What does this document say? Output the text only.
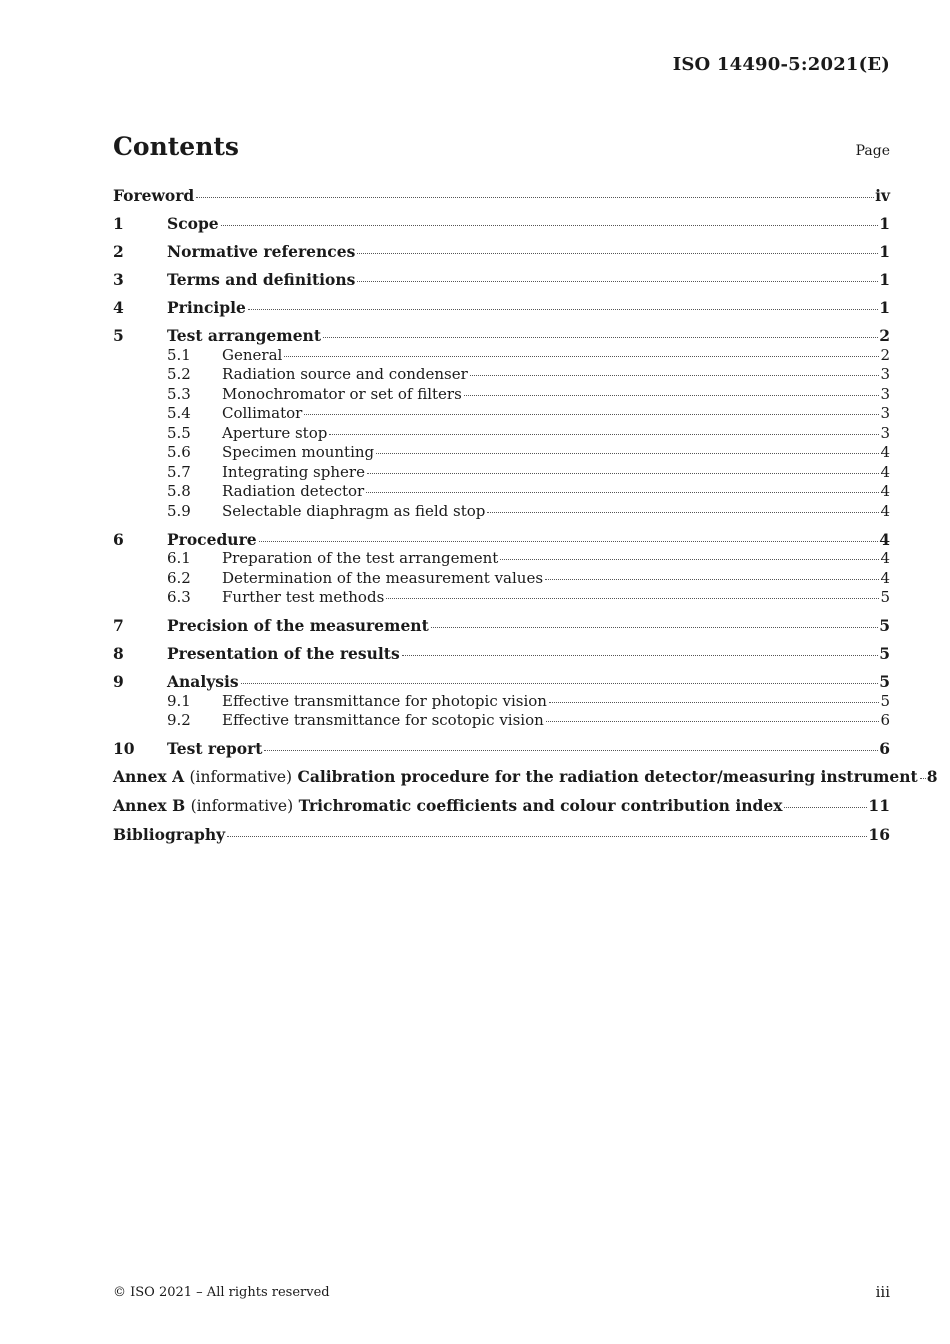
ISO 14490-5:2021(E)
Contents	Page
Foreword	iv
1	Scope	1
2	Normative references	1
3	Terms and definitions	1
4	Principle	1
5	Test arrangement	2
5.1	General	2
5.2	Radiation source and condenser	3
5.3	Monochromator or set of filters	3
5.4	Collimator	3
5.5	Aperture stop	3
5.6	Specimen mounting	4
5.7	Integrating sphere	4
5.8	Radiation detector	4
5.9	Selectable diaphragm as field stop	4
6	Procedure	4
6.1	Preparation of the test arrangement	4
6.2	Determination of the measurement values	4
6.3	Further test methods	5
7	Precision of the measurement	5
8	Presentation of the results	5
9	Analysis	5
9.1	Effective transmittance for photopic vision	5
9.2	Effective transmittance for scotopic vision	6
10	Test report	6
Annex A (informative) Calibration procedure for the radiation detector/measuring instrument 8
Annex B (informative) Trichromatic coefficients and colour contribution index	11
Bibliography	16
© ISO 2021 – All rights reserved	iii
